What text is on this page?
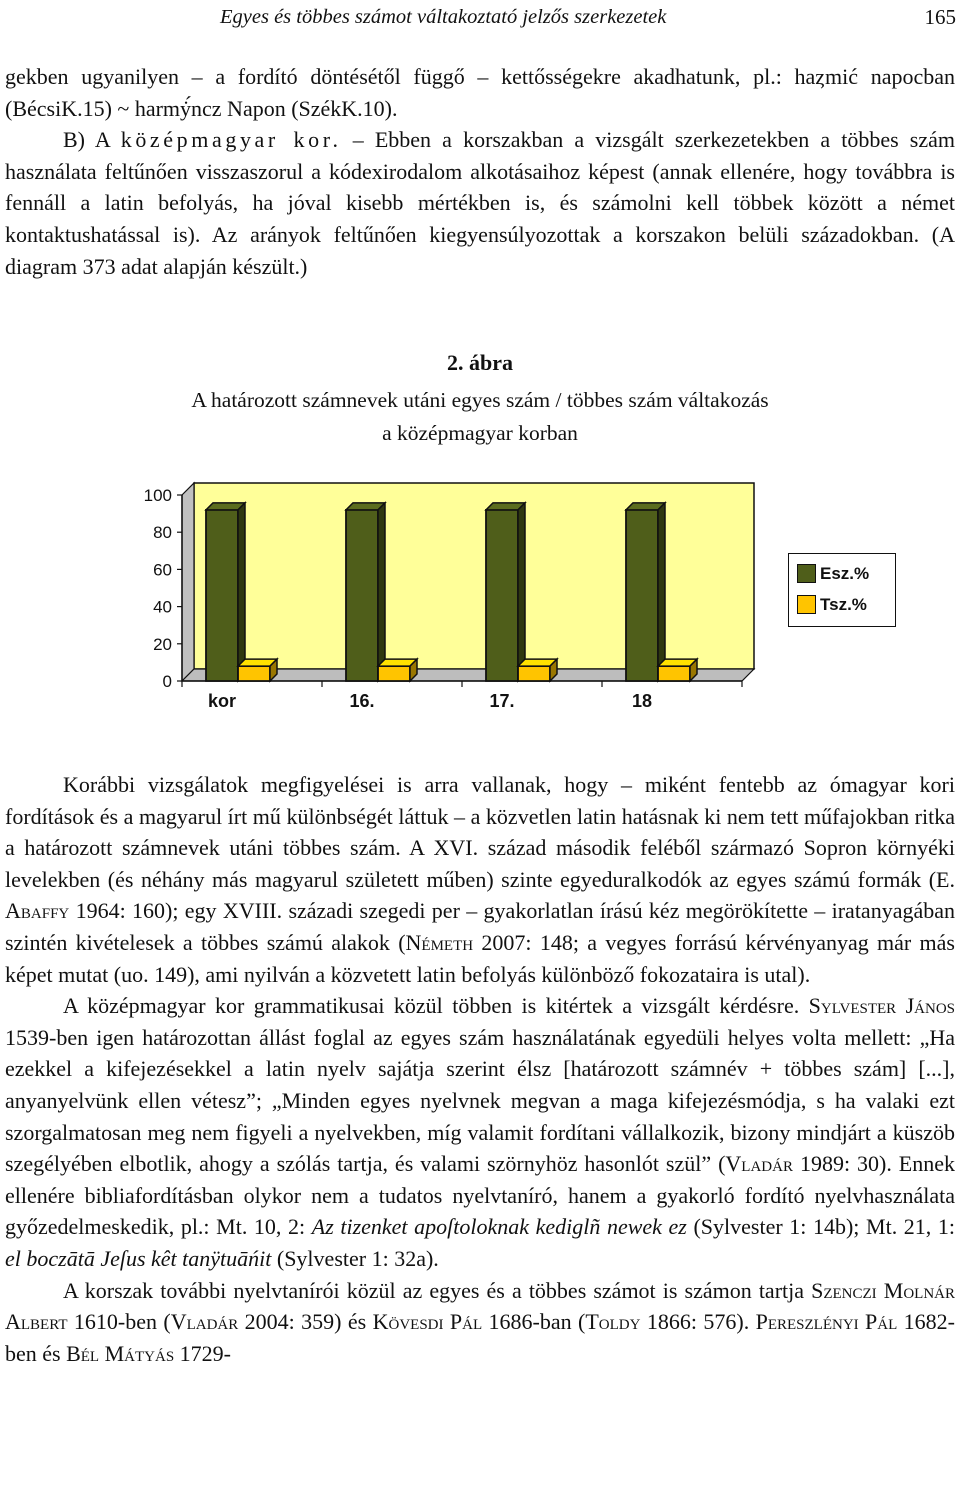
Egyes és többes számot váltakoztató jelzős szerkezetek	165

gekben ugyanilyen – a fordító döntésétől függő – kettősségekre akadhatunk, pl.: haȥmić napocban (BécsiK.15) ~ harmẏ́ncz Napon (SzékK.10).

B) A középmagyar kor. – Ebben a korszakban a vizsgált szerkezetekben a többes szám használata feltűnően visszaszorul a kódexirodalom alkotásaihoz képest (annak ellenére, hogy továbbra is fennáll a latin befolyás, ha jóval kisebb mértékben is, és számolni kell többek között a német kontaktushatással is). Az arányok feltűnően kiegyensúlyozottak a korszakon belüli századokban. (A diagram 373 adat alapján készült.)

2. ábra
A határozott számnevek utáni egyes szám / többes szám váltakozás
a középmagyar korban
0
20
40
60
80
100
kor	16.	17.	18
Esz.%
Tsz.%

Korábbi vizsgálatok megfigyelései is arra vallanak, hogy – miként fentebb az ómagyar kori fordítások és a magyarul írt mű különbségét láttuk – a közvetlen latin hatásnak ki nem tett műfajokban ritka a határozott számnevek utáni többes szám. A XVI. század második feléből származó Sopron környéki levelekben (és néhány más magyarul született műben) szinte egyeduralkodók az egyes számú formák (E. Abaffy 1964: 160); egy XVIII. századi szegedi per – gyakorlatlan írású kéz megörökítette – iratanyagában szintén kivételesek a többes számú alakok (Németh 2007: 148; a vegyes forrású kérvényanyag már más képet mutat (uo. 149), ami nyilván a közvetett latin befolyás különböző fokozataira is utal).

A középmagyar kor grammatikusai közül többen is kitértek a vizsgált kérdésre. Sylvester János 1539-ben igen határozottan állást foglal az egyes szám használatának egyedüli helyes volta mellett: „Ha ezekkel a kifejezésekkel a latin nyelv sajátja szerint élsz [határozott számnév + többes szám] [...], anyanyelvünk ellen vétesz”; „Minden egyes nyelvnek megvan a maga kifejezésmódja, s ha valaki ezt szorgalmatosan meg nem figyeli a nyelvekben, míg valamit fordítani vállalkozik, bizony mindjárt a küszöb szegélyében elbotlik, ahogy a szólás tartja, és valami szörnyhöz hasonlót szül” (Vladár 1989: 30). Ennek ellenére bibliafordításban olykor nem a tudatos nyelvtaníró, hanem a gyakorló fordító nyelvhasználata győzedelmeskedik, pl.: Mt. 10, 2: Az tizenket apoſtoloknak kediglñ newek ez (Sylvester 1: 14b); Mt. 21, 1: el boczātā Jeſus kêt tanÿtuāńit (Sylvester 1: 32a).

A korszak további nyelvtanírói közül az egyes és a többes számot is számon tartja Szenczi Molnár Albert 1610-ben (Vladár 2004: 359) és Kövesdi Pál 1686-ban (Toldy 1866: 576). Pereszlényi Pál 1682-ben és Bél Mátyás 1729-
